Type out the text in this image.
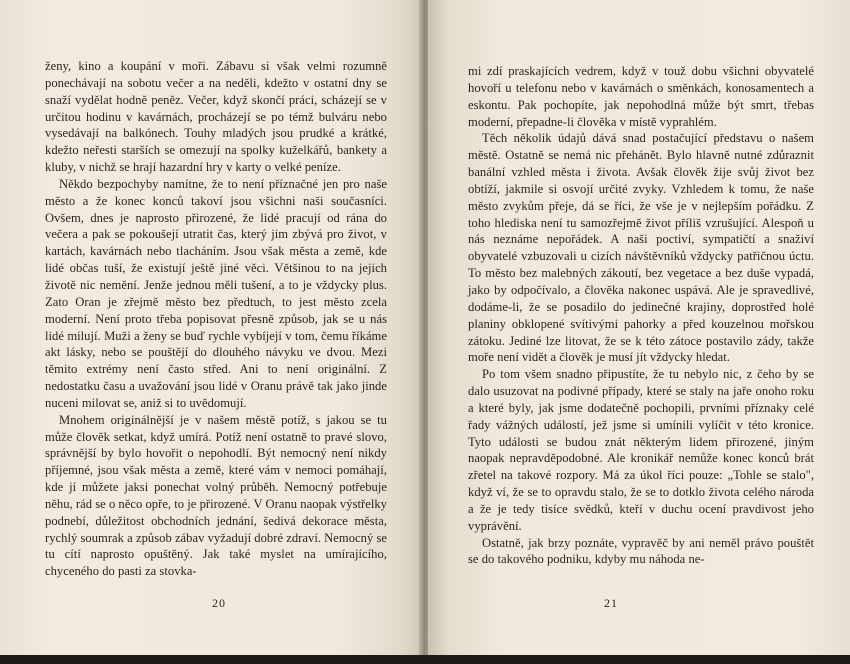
ženy, kino a koupání v moři. Zábavu si však velmi rozumně ponechávají na sobotu večer a na neděli, kdežto v ostatní dny se snaží vydělat hodně peněz. Večer, když skončí práci, scházejí se v určitou hodinu v kavárnách, procházejí se po témž bulváru nebo vysedávají na balkónech. Touhy mladých jsou prudké a krátké, kdežto neřesti starších se omezují na spolky kuželkářů, bankety a kluby, v nichž se hrají hazardní hry v karty o velké peníze.

Někdo bezpochyby namítne, že to není příznačné jen pro naše město a že konec konců takoví jsou všichni naši současníci. Ovšem, dnes je naprosto přirozené, že lidé pracují od rána do večera a pak se pokoušejí utratit čas, který jim zbývá pro život, v kartách, kavárnách nebo tlacháním. Jsou však města a země, kde lidé občas tuší, že existují ještě jiné věci. Většinou to na jejich životě nic nemění. Jenže jednou měli tušení, a to je vždycky plus. Zato Oran je zřejmě město bez předtuch, to jest město zcela moderní. Není proto třeba popisovat přesně způsob, jak se u nás lidé milují. Muži a ženy se buď rychle vybíjejí v tom, čemu říkáme akt lásky, nebo se pouštějí do dlouhého návyku ve dvou. Mezi těmito extrémy není často střed. Ani to není originální. Z nedostatku času a uvažování jsou lidé v Oranu právě tak jako jinde nuceni milovat se, aniž si to uvědomují.

Mnohem originálnější je v našem městě potíž, s jakou se tu může člověk setkat, když umírá. Potíž není ostatně to pravé slovo, správnější by bylo hovořit o nepohodlí. Být nemocný není nikdy příjemné, jsou však města a země, které vám v nemoci pomáhají, kde jí můžete jaksi ponechat volný průběh. Nemocný potřebuje něhu, rád se o něco opře, to je přirozené. V Oranu naopak výstřelky podnebí, důležitost obchodních jednání, šedivá dekorace města, rychlý soumrak a způsob zábav vyžadují dobré zdraví. Nemocný se tu cítí naprosto opuštěný. Jak také myslet na umírajícího, chyceného do pasti za stovka-

20

mi zdí praskajících vedrem, když v touž dobu všichni obyvatelé hovoří u telefonu nebo v kavárnách o směnkách, konosamentech a eskontu. Pak pochopíte, jak nepohodlná může být smrt, třebas moderní, přepadne-li člověka v místě vyprahlém.

Těch několik údajů dává snad postačující představu o našem městě. Ostatně se nemá nic přehánět. Bylo hlavně nutné zdůraznit banální vzhled města i života. Avšak člověk žije svůj život bez obtíží, jakmile si osvojí určité zvyky. Vzhledem k tomu, že naše město zvykům přeje, dá se říci, že vše je v nejlepším pořádku. Z toho hlediska není tu samozřejmě život příliš vzrušující. Alespoň u nás neznáme nepořádek. A naši poctiví, sympatičtí a snaživí obyvatelé vzbuzovali u cizích návštěvníků vždycky patřičnou úctu. To město bez malebných zákoutí, bez vegetace a bez duše vypadá, jako by odpočívalo, a člověka nakonec uspává. Ale je spravedlivé, dodáme-li, že se posadilo do jedinečné krajiny, doprostřed holé planiny obklopené svítivými pahorky a před kouzelnou mořskou zátoku. Jediné lze litovat, že se k této zátoce postavilo zády, takže moře není vidět a člověk je musí jít vždycky hledat.

Po tom všem snadno připustíte, že tu nebylo nic, z čeho by se dalo usuzovat na podivné případy, které se staly na jaře onoho roku a které byly, jak jsme dodatečně pochopili, prvními příznaky celé řady vážných událostí, jež jsme si umínili vylíčit v této kronice. Tyto události se budou znát některým lidem přirozené, jiným naopak nepravděpodobné. Ale kronikář nemůže konec konců brát zřetel na takové rozpory. Má za úkol říci pouze: „Tohle se stalo", když ví, že se to opravdu stalo, že se to dotklo života celého národa a že je tedy tisíce svědků, kteří v duchu ocení pravdivost jeho vyprávění.

Ostatně, jak brzy poznáte, vypravěč by ani neměl právo pouštět se do takového podniku, kdyby mu náhoda ne-

21
